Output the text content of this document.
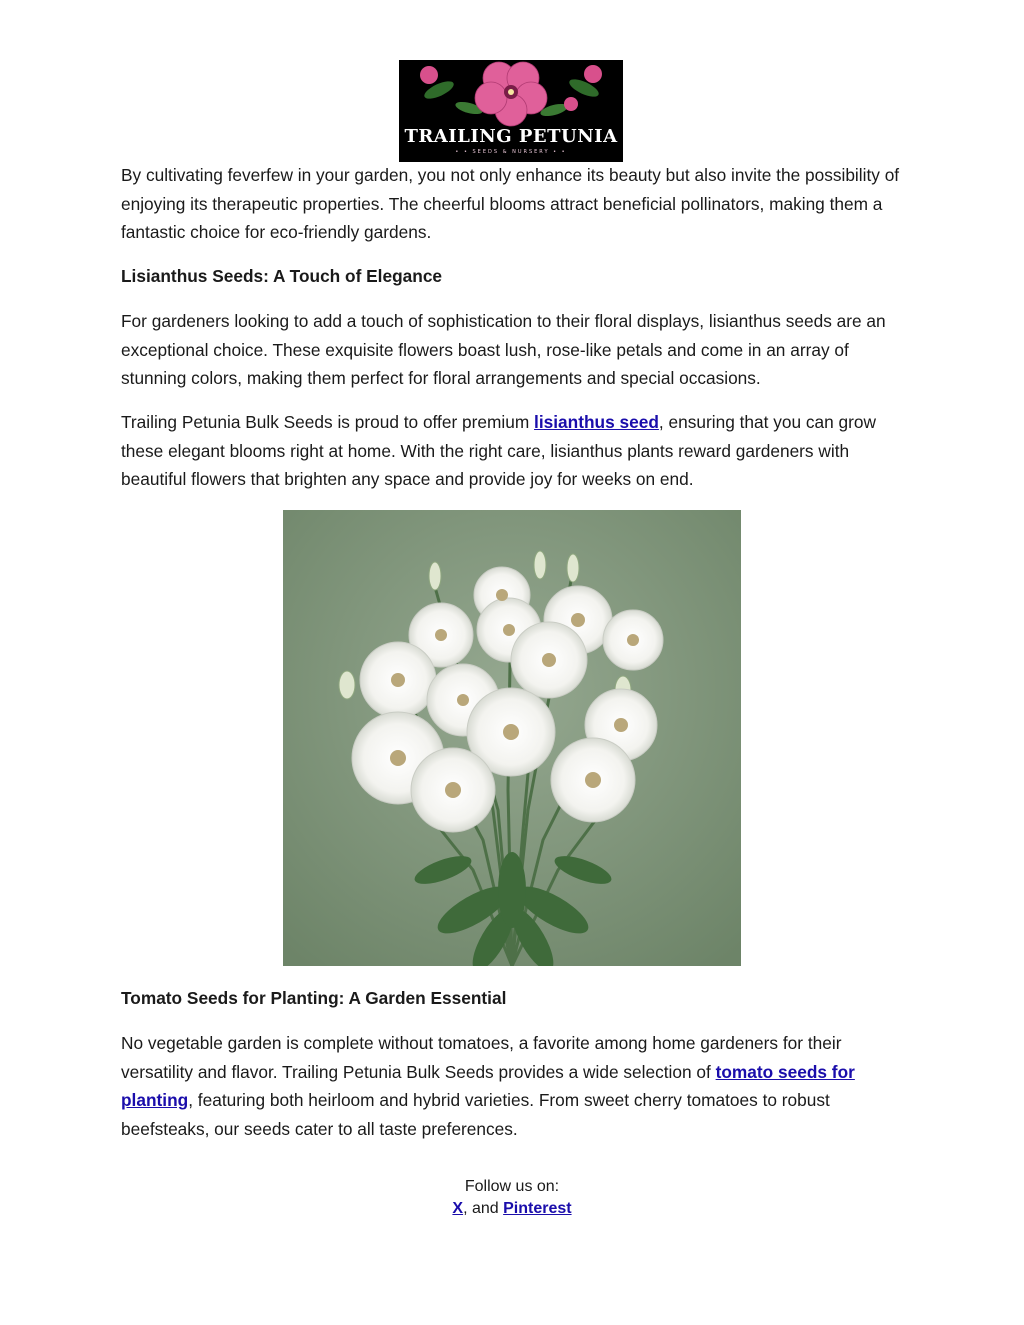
TRAILING PETUNIA
• • SEEDS & NURSERY • •

By cultivating feverfew in your garden, you not only enhance its beauty but also invite the possibility of enjoying its therapeutic properties. The cheerful blooms attract beneficial pollinators, making them a fantastic choice for eco-friendly gardens.

Lisianthus Seeds: A Touch of Elegance

For gardeners looking to add a touch of sophistication to their floral displays, lisianthus seeds are an exceptional choice. These exquisite flowers boast lush, rose-like petals and come in an array of stunning colors, making them perfect for floral arrangements and special occasions.

Trailing Petunia Bulk Seeds is proud to offer premium lisianthus seed, ensuring that you can grow these elegant blooms right at home. With the right care, lisianthus plants reward gardeners with beautiful flowers that brighten any space and provide joy for weeks on end.

Tomato Seeds for Planting: A Garden Essential

No vegetable garden is complete without tomatoes, a favorite among home gardeners for their versatility and flavor. Trailing Petunia Bulk Seeds provides a wide selection of tomato seeds for planting, featuring both heirloom and hybrid varieties. From sweet cherry tomatoes to robust beefsteaks, our seeds cater to all taste preferences.

Follow us on:
X, and Pinterest
